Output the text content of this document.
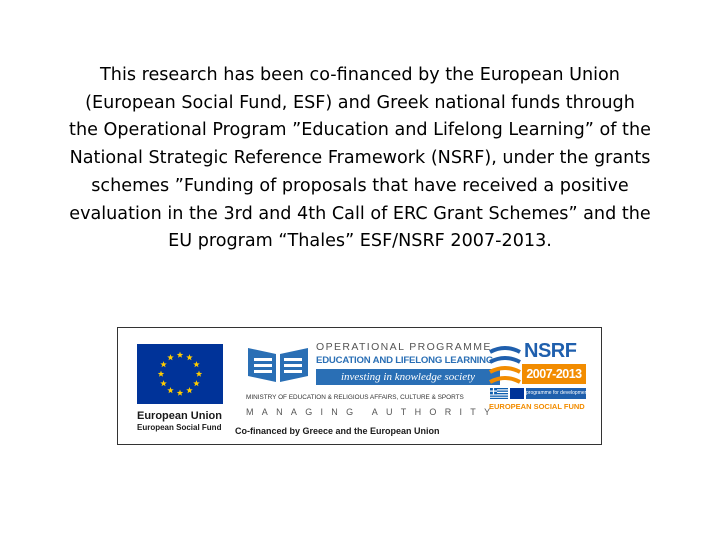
This research has been co-financed by the European Union
(European Social Fund, ESF) and Greek national funds through
the Operational Program ”Education and Lifelong Learning” of the
National Strategic Reference Framework (NSRF), under the grants
schemes ”Funding of proposals that have received a positive
evaluation in the 3rd and 4th Call of ERC Grant Schemes” and the
EU program “Thales” ESF/NSRF 2007-2013.
European Union
European Social Fund
OPERATIONAL PROGRAMME
EDUCATION AND LIFELONG LEARNING
investing in knowledge society
MINISTRY OF EDUCATION & RELIGIOUS AFFAIRS, CULTURE & SPORTS
MANAGING AUTHORITY
Co-financed by Greece and the European Union
NSRF
2007-2013
programme for development
EUROPEAN SOCIAL FUND
